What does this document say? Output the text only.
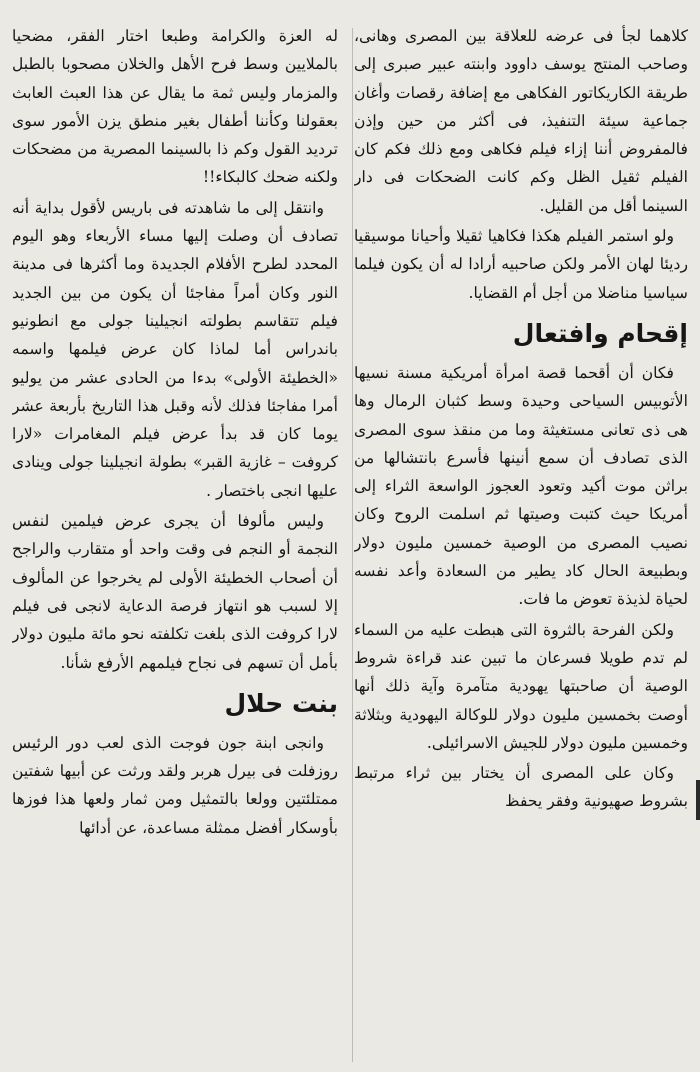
كلاهما لجأ فى عرضه للعلاقة بين المصرى وهانى، وصاحب المنتج يوسف داوود وابنته عبير صبرى إلى طريقة الكاريكاتور الفكاهى مع إضافة رقصات وأغان جماعية سيئة التنفيذ، فى أكثر من حين وإذن فالمفروض أننا إزاء فيلم فكاهى ومع ذلك فكم كان الفيلم ثقيل الظل وكم كانت الضحكات فى دار السينما أقل من القليل.

ولو استمر الفيلم هكذا فكاهيا ثقيلا وأحيانا موسيقيا رديئا لهان الأمر ولكن صاحبيه أرادا له أن يكون فيلما سياسيا مناضلا من أجل أم القضايا.

إقحام وافتعال

فكان أن أقحما قصة امرأة أمريكية مسنة نسيها الأتوبيس السياحى وحيدة وسط كثبان الرمال وها هى ذى تعانى مستغيثة وما من منقذ سوى المصرى الذى تصادف أن سمع أنينها فأسرع بانتشالها من براثن موت أكيد وتعود العجوز الواسعة الثراء إلى أمريكا حيث كتبت وصيتها ثم اسلمت الروح وكان نصيب المصرى من الوصية خمسين مليون دولار وبطبيعة الحال كاد يطير من السعادة وأعد نفسه لحياة لذيذة تعوض ما فات.

ولكن الفرحة بالثروة التى هبطت عليه من السماء لم تدم طويلا فسرعان ما تبين عند قراءة شروط الوصية أن صاحبتها يهودية متآمرة وآية ذلك أنها أوصت بخمسين مليون دولار للوكالة اليهودية وبثلاثة وخمسين مليون دولار للجيش الاسرائيلى.

وكان على المصرى أن يختار بين ثراء مرتبط بشروط صهيونية وفقر يحفظ

له العزة والكرامة وطبعا اختار الفقر، مضحيا بالملايين وسط فرح الأهل والخلان مصحوبا بالطبل والمزمار وليس ثمة ما يقال عن هذا العبث العابث بعقولنا وكأننا أطفال بغير منطق يزن الأمور سوى ترديد القول وكم ذا بالسينما المصرية من مضحكات ولكنه ضحك كالبكاء!!

وانتقل إلى ما شاهدته فى باريس لأقول بداية أنه تصادف أن وصلت إليها مساء الأربعاء وهو اليوم المحدد لطرح الأفلام الجديدة وما أكثرها فى مدينة النور وكان أمراً مفاجئا أن يكون من بين الجديد فيلم تتقاسم بطولته انجيلينا جولى مع انطونيو باندراس أما لماذا كان عرض فيلمها واسمه «الخطيئة الأولى» بدءا من الحادى عشر من يوليو أمرا مفاجئا فذلك لأنه وقبل هذا التاريخ بأربعة عشر يوما كان قد بدأ عرض فيلم المغامرات «لارا كروفت – غازية القبر» بطولة انجيلينا جولى وينادى عليها انجى باختصار .

وليس مألوفا أن يجرى عرض فيلمين لنفس النجمة أو النجم فى وقت واحد أو متقارب والراجح أن أصحاب الخطيئة الأولى لم يخرجوا عن المألوف إلا لسبب هو انتهاز فرصة الدعاية لانجى فى فيلم لارا كروفت الذى بلغت تكلفته نحو مائة مليون دولار بأمل أن تسهم فى نجاح فيلمهم الأرفع شأنا.

بنت حلال

وانجى ابنة جون فوجت الذى لعب دور الرئيس روزفلت فى بيرل هربر ولقد ورثت عن أبيها شفتين ممتلئتين وولعا بالتمثيل ومن ثمار ولعها هذا فوزها بأوسكار أفضل ممثلة مساعدة، عن أدائها
